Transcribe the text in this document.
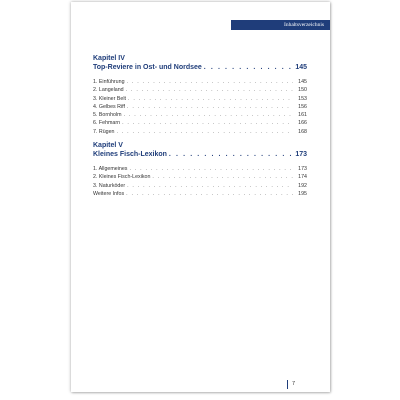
Inhaltsverzeichnis
Kapitel IV
Top-Reviere in Ost- und Nordsee . . .	145
1. Einführung . . .	145
2. Langeland . . .	150
3. Kleiner Belt . . .	153
4. Gelbes Riff . . .	156
5. Bornholm . . .	161
6. Fehmarn . . .	166
7. Rügen . . .	168
Kapitel V
Kleines Fisch-Lexikon . . .	173
1. Allgemeines . . .	173
2. Kleines Fisch-Lexikon . . .	174
3. Naturköder . . .	192
Weitere Infos . . .	195
7
